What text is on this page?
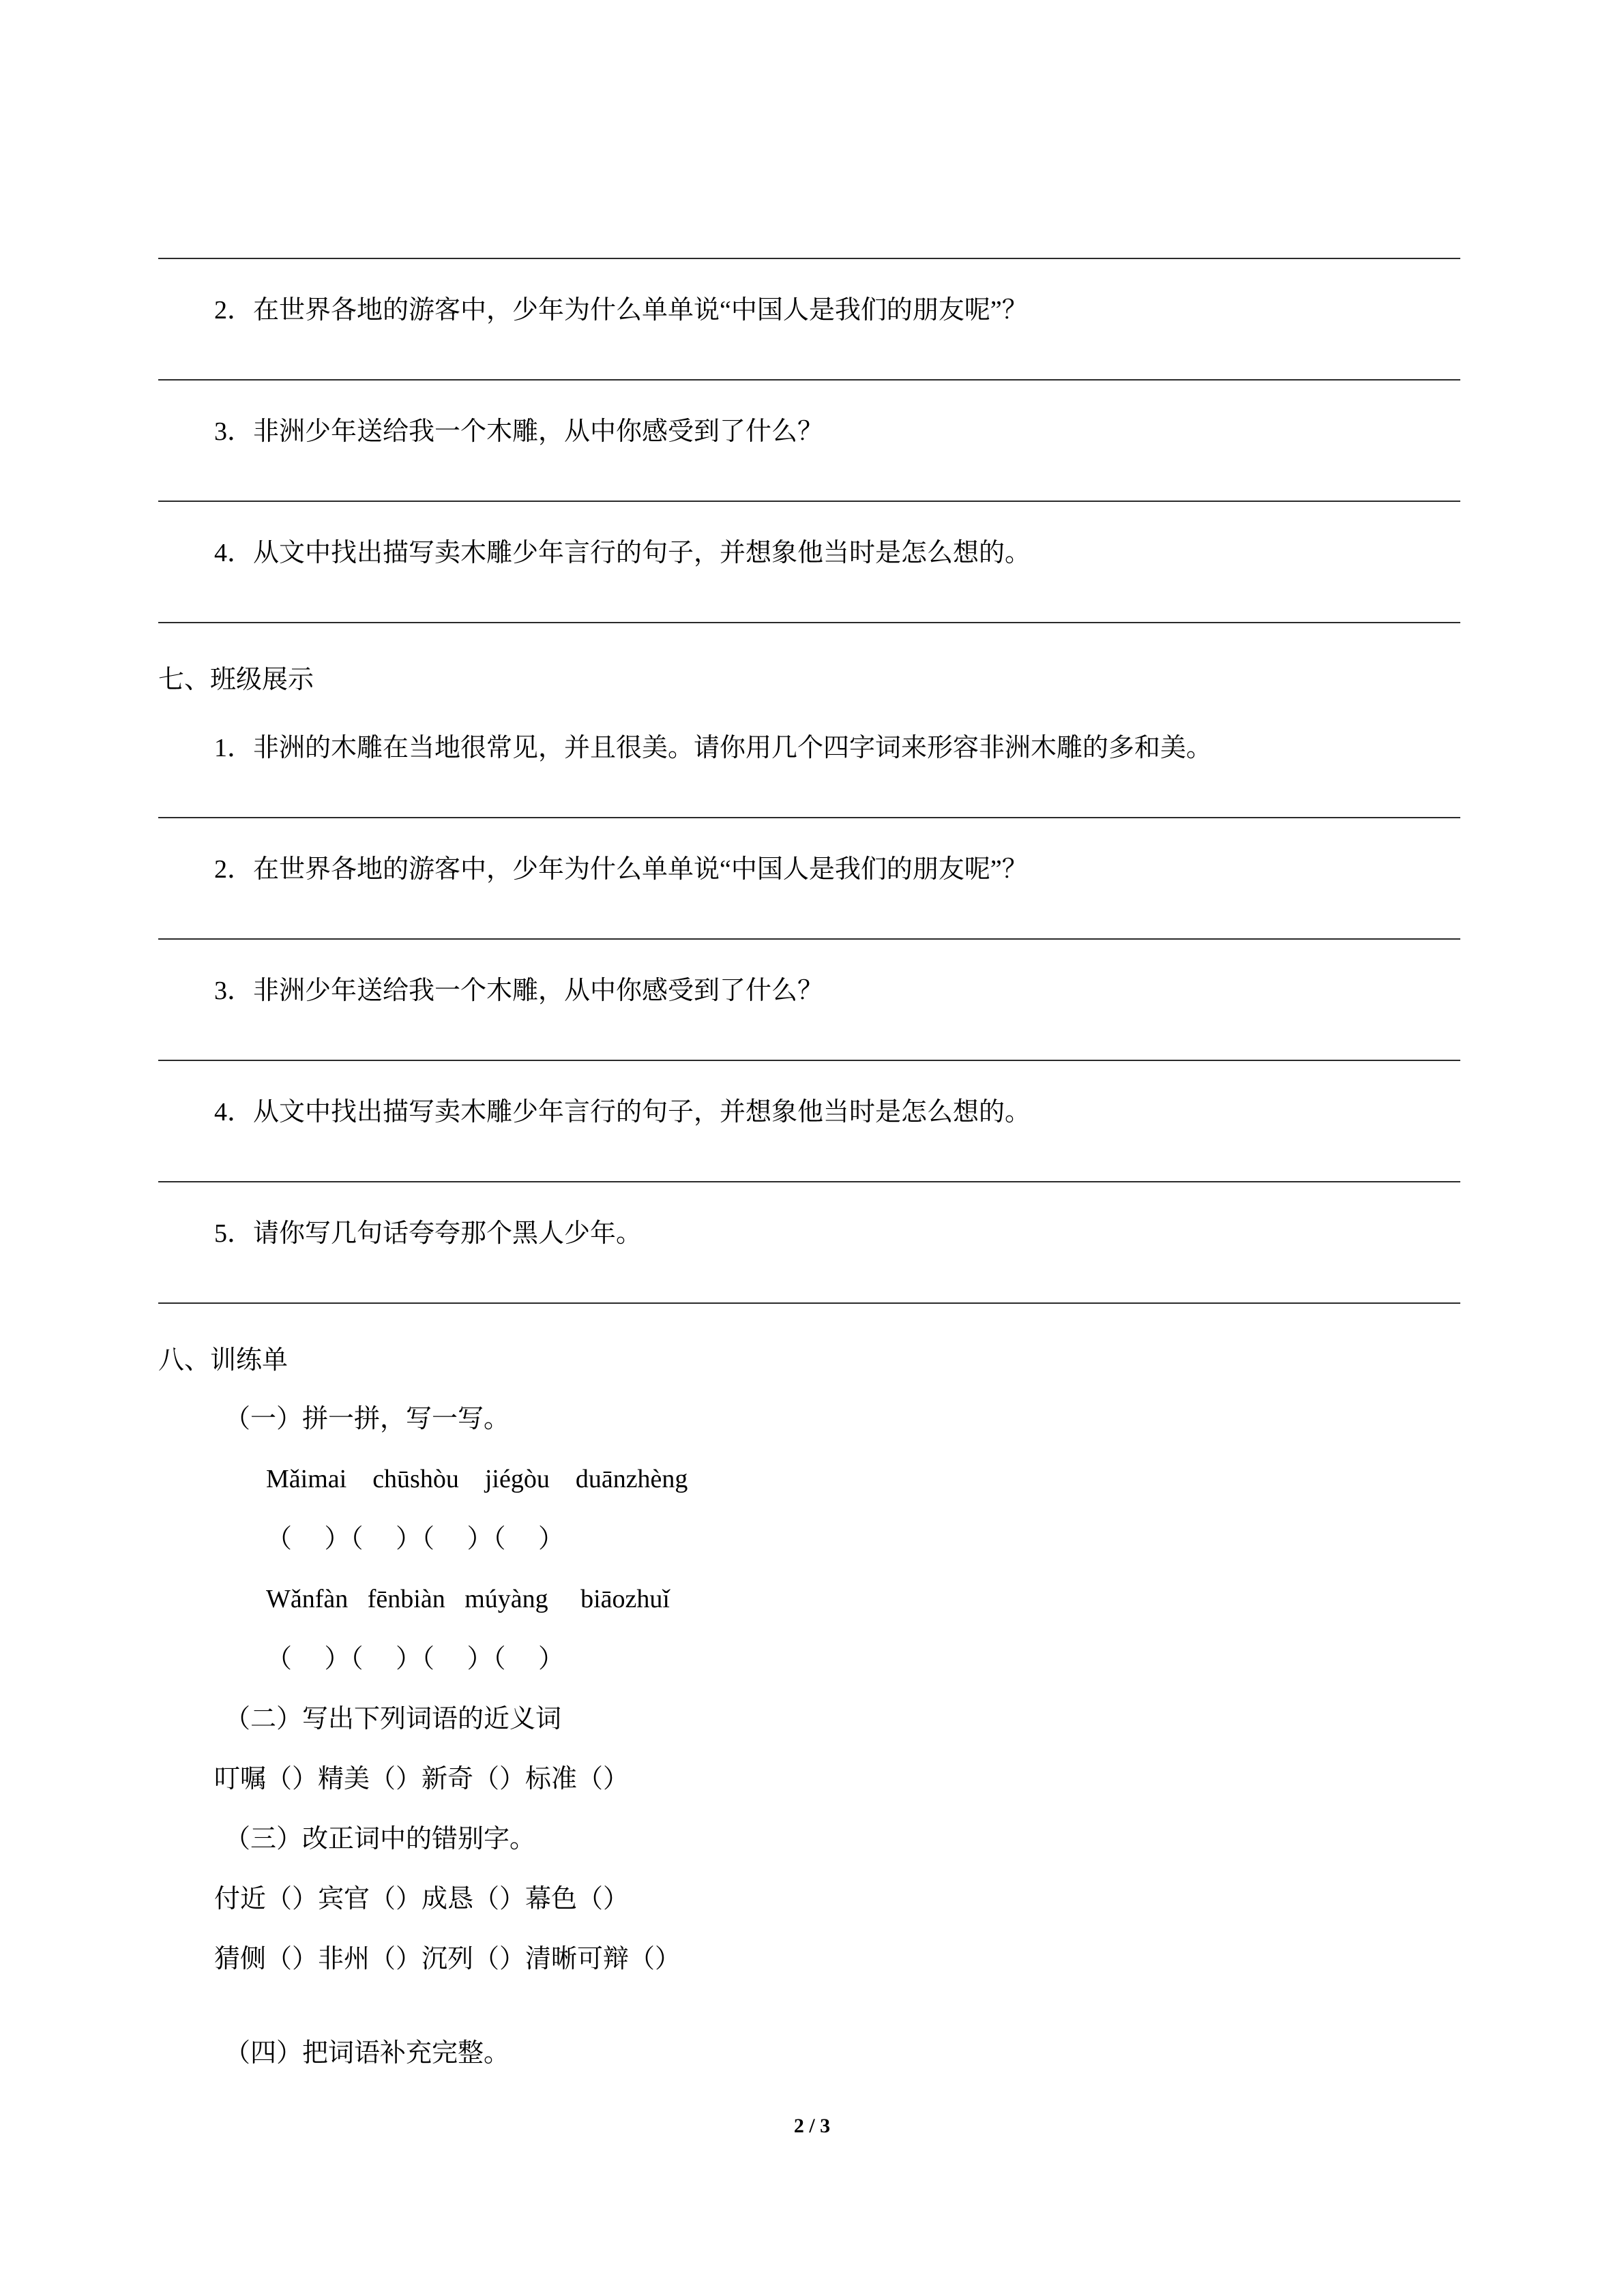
2．在世界各地的游客中，少年为什么单单说“中国人是我们的朋友呢”？

3．非洲少年送给我一个木雕，从中你感受到了什么？

4．从文中找出描写卖木雕少年言行的句子，并想象他当时是怎么想的。

七、班级展示

1．非洲的木雕在当地很常见，并且很美。请你用几个四字词来形容非洲木雕的多和美。

2．在世界各地的游客中，少年为什么单单说“中国人是我们的朋友呢”？

3．非洲少年送给我一个木雕，从中你感受到了什么？

4．从文中找出描写卖木雕少年言行的句子，并想象他当时是怎么想的。

5．请你写几句话夸夸那个黑人少年。

八、训练单

（一）拼一拼，写一写。

Mǎimai    chūshòu    jiégòu    duānzhèng

（     ）（     ）（     ）（     ）

Wǎnfàn   fēnbiàn   múyàng     biāozhuǐ

（     ）（     ）（     ）（     ）

（二）写出下列词语的近义词

叮嘱（）精美（）新奇（）标准（）

（三）改正词中的错别字。

付近（）宾官（）成恳（）幕色（）

猜侧（）非州（）沉列（）清晰可辩（）

（四）把词语补充完整。

2 / 3
